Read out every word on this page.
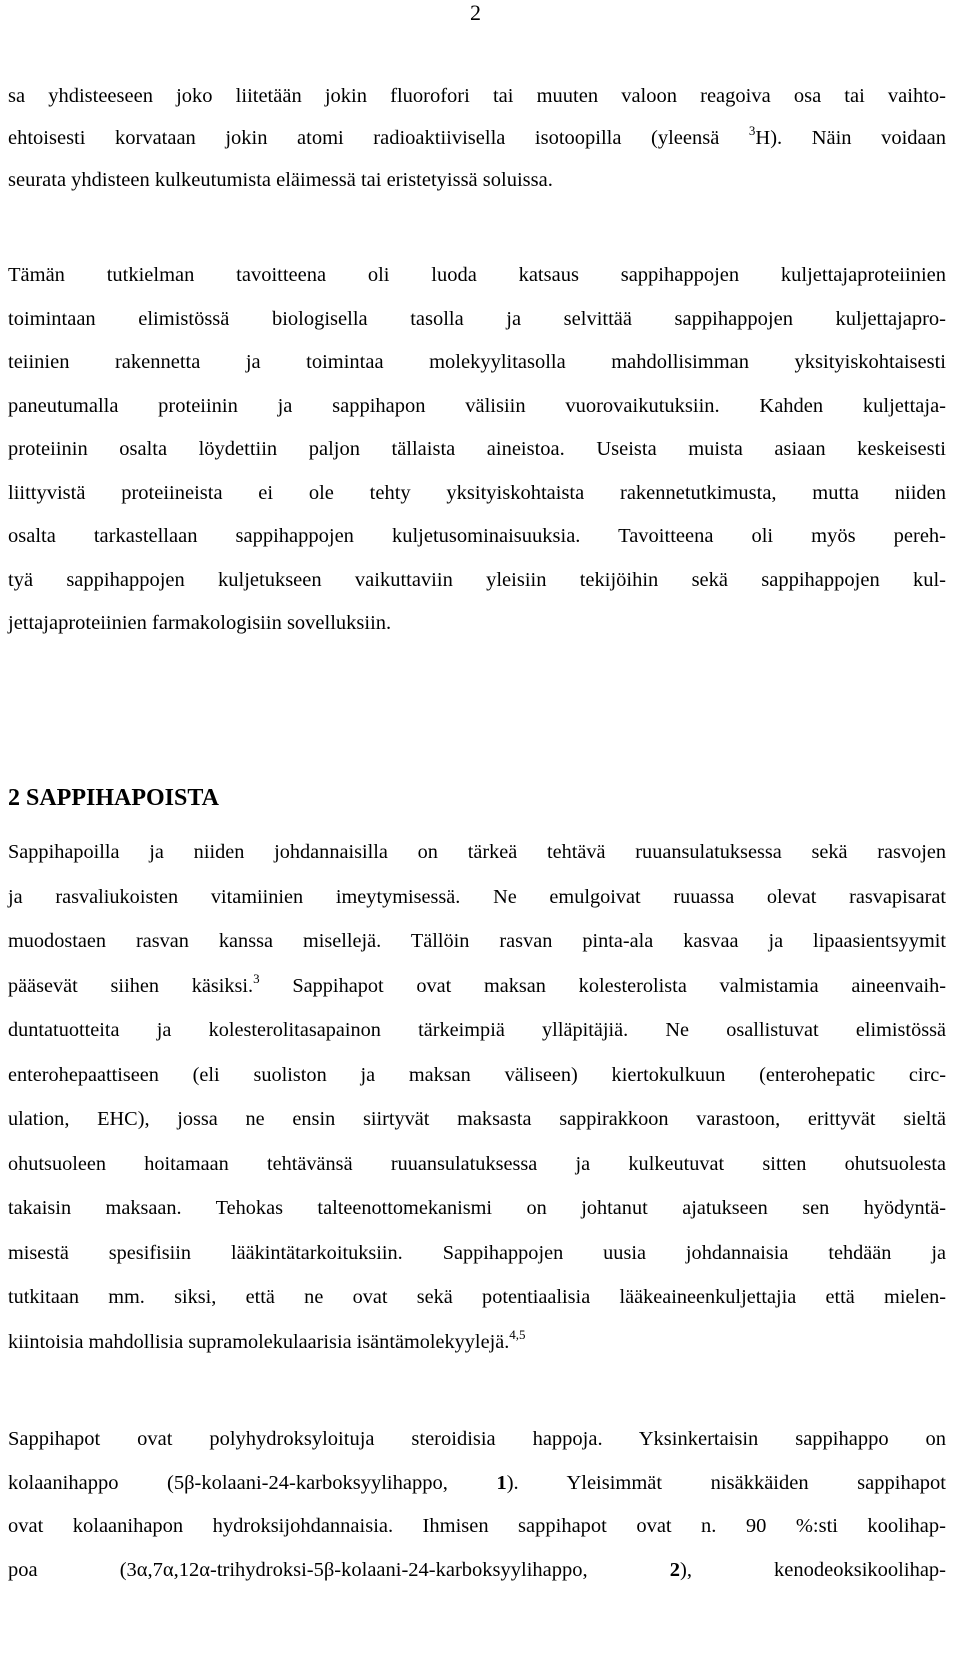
2
sa yhdisteeseen joko liitetään jokin fluorofori tai muuten valoon reagoiva osa tai vaihto-
ehtoisesti korvataan jokin atomi radioaktiivisella isotoopilla (yleensä $^3$H). Näin voidaan
seurata yhdisteen kulkeutumista eläimessä tai eristetyissä soluissa.
Tämän tutkielman tavoitteena oli luoda katsaus sappihappojen kuljettajaproteiinien
toimintaan elimistössä biologisella tasolla ja selvittää sappihappojen kuljettajapro-
teiinien rakennetta ja toimintaa molekyylitasolla mahdollisimman yksityiskohtaisesti
paneutumalla proteiinin ja sappihapon välisiin vuorovaikutuksiin. Kahden kuljettaja-
proteiinin osalta löydettiin paljon tällaista aineistoa. Useista muista asiaan keskeisesti
liittyvistä proteiineista ei ole tehty yksityiskohtaista rakennetutkimusta, mutta niiden
osalta tarkastellaan sappihappojen kuljetusominaisuuksia. Tavoitteena oli myös pereh-
tyä sappihappojen kuljetukseen vaikuttaviin yleisiin tekijöihin sekä sappihappojen kul-
jettajaproteiinien farmakologisiin sovelluksiin.
2 SAPPIHAPOISTA
Sappihapoilla ja niiden johdannaisilla on tärkeä tehtävä ruuansulatuksessa sekä rasvojen
ja rasvaliukoisten vitamiinien imeytymisessä. Ne emulgoivat ruuassa olevat rasvapisarat
muodostaen rasvan kanssa misellejä. Tällöin rasvan pinta-ala kasvaa ja lipaasientsyymit
pääsevät siihen käsiksi.$^3$ Sappihapot ovat maksan kolesterolista valmistamia aineenvaih-
duntatuotteita ja kolesterolitasapainon tärkeimpiä ylläpitäjiä. Ne osallistuvat elimistössä
enterohepaattiseen (eli suoliston ja maksan väliseen) kiertokulkuun (enterohepatic circ-
ulation, EHC), jossa ne ensin siirtyvät maksasta sappirakkoon varastoon, erittyvät sieltä
ohutsuoleen hoitamaan tehtävänsä ruuansulatuksessa ja kulkeutuvat sitten ohutsuolesta
takaisin maksaan. Tehokas talteenottomekanismi on johtanut ajatukseen sen hyödyntä-
misestä spesifisiin lääkintätarkoituksiin. Sappihappojen uusia johdannaisia tehdään ja
tutkitaan mm. siksi, että ne ovat sekä potentiaalisia lääkeaineenkuljettajia että mielen-
kiintoisia mahdollisia supramolekulaarisia isäntämolekyylejä.$^{4,5}$
Sappihapot ovat polyhydroksyloituja steroidisia happoja. Yksinkertaisin sappihappo on
kolaanihappo (5β-kolaani-24-karboksyylihappo, 1). Yleisimmät nisäkkäiden sappihapot
ovat kolaanihapon hydroksijohdannaisia. Ihmisen sappihapot ovat n. 90 %:sti koolihap-
poa (3α,7α,12α-trihydroksi-5β-kolaani-24-karboksyylihappo, 2), kenodeoksikoolihap-
